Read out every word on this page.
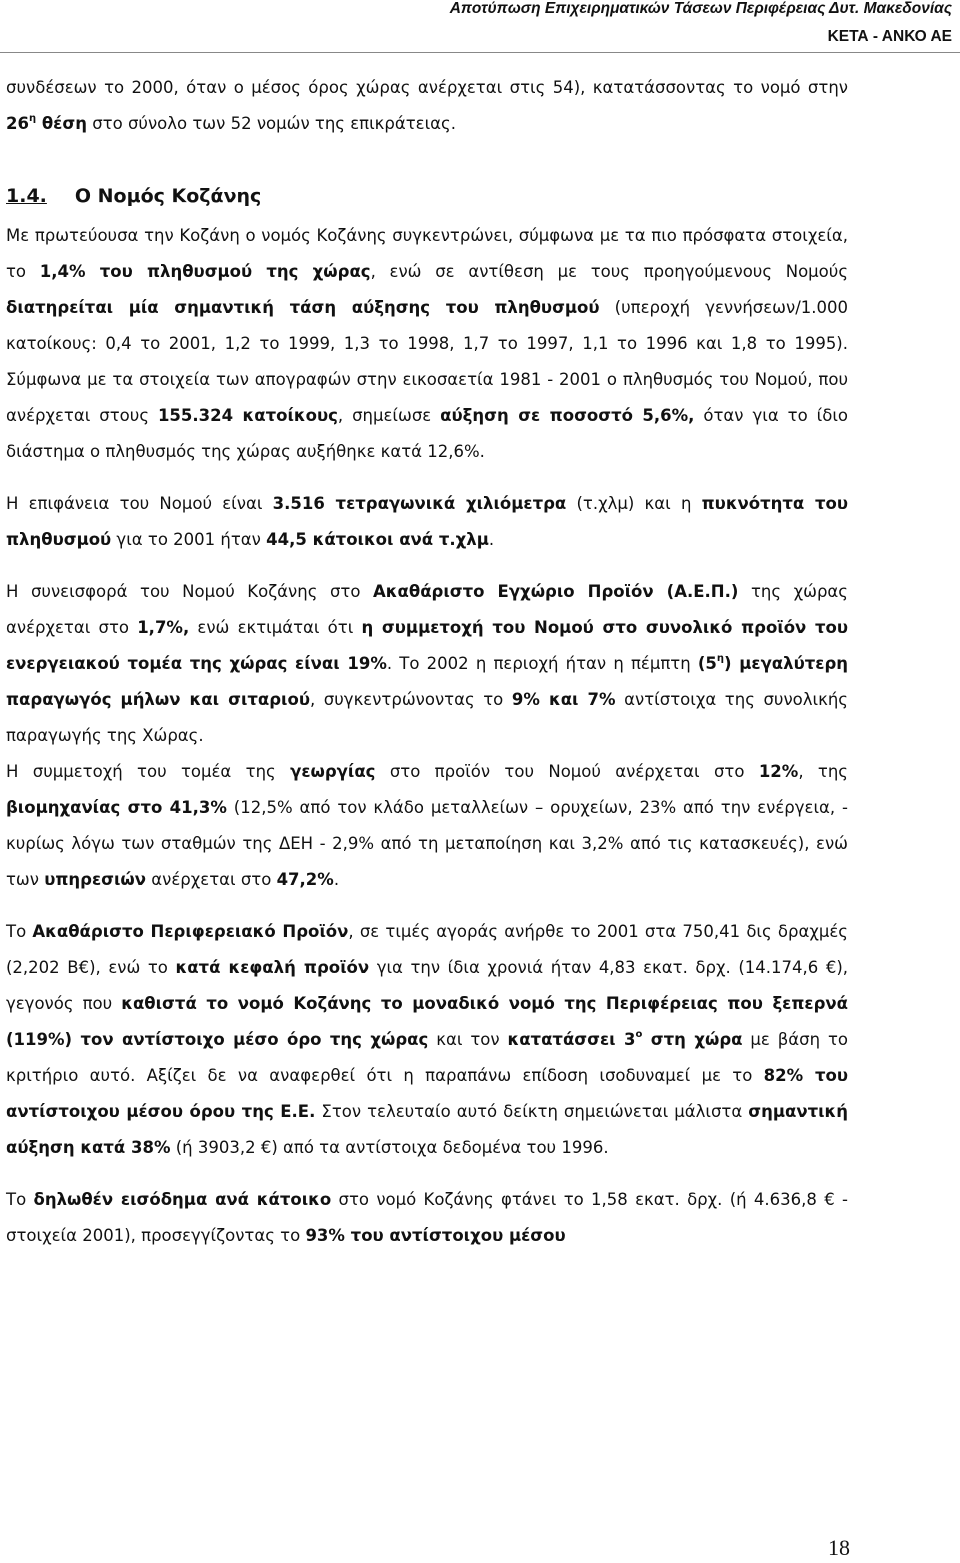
Αποτύπωση Επιχειρηματικών Τάσεων Περιφέρειας Δυτ. Μακεδονίας
ΚΕΤΑ - ΑΝΚΟ ΑΕ

συνδέσεων το 2000, όταν ο μέσος όρος χώρας ανέρχεται στις 54), κατατάσσοντας το νομό στην $26^\eta$ θέση στο σύνολο των 52 νομών της επικράτειας.

1.4. Ο Νομός Κοζάνης

Με πρωτεύουσα την Κοζάνη ο νομός Κοζάνης συγκεντρώνει, σύμφωνα με τα πιο πρόσφατα στοιχεία, το 1,4% του πληθυσμού της χώρας, ενώ σε αντίθεση με τους προηγούμενους Νομούς διατηρείται μία σημαντική τάση αύξησης του πληθυσμού (υπεροχή γεννήσεων/1.000 κατοίκους: 0,4 το 2001, 1,2 το 1999, 1,3 το 1998, 1,7 το 1997, 1,1 το 1996 και 1,8 το 1995). Σύμφωνα με τα στοιχεία των απογραφών στην εικοσαετία 1981 - 2001 ο πληθυσμός του Νομού, που ανέρχεται στους 155.324 κατοίκους, σημείωσε αύξηση σε ποσοστό 5,6%, όταν για το ίδιο διάστημα ο πληθυσμός της χώρας αυξήθηκε κατά 12,6%.

Η επιφάνεια του Νομού είναι 3.516 τετραγωνικά χιλιόμετρα (τ.χλμ) και η πυκνότητα του πληθυσμού για το 2001 ήταν 44,5 κάτοικοι ανά τ.χλμ.

Η συνεισφορά του Νομού Κοζάνης στο Ακαθάριστο Εγχώριο Προϊόν (Α.Ε.Π.) της χώρας ανέρχεται στο 1,7%, ενώ εκτιμάται ότι η συμμετοχή του Νομού στο συνολικό προϊόν του ενεργειακού τομέα της χώρας είναι 19%. Το 2002 η περιοχή ήταν η πέμπτη $(5^\eta)$ μεγαλύτερη παραγωγός μήλων και σιταριού, συγκεντρώνοντας το 9% και 7% αντίστοιχα της συνολικής παραγωγής της Χώρας.

Η συμμετοχή του τομέα της γεωργίας στο προϊόν του Νομού ανέρχεται στο 12%, της βιομηχανίας στο 41,3% (12,5% από τον κλάδο μεταλλείων – ορυχείων, 23% από την ενέργεια, - κυρίως λόγω των σταθμών της ΔΕΗ - 2,9% από τη μεταποίηση και 3,2% από τις κατασκευές), ενώ των υπηρεσιών ανέρχεται στο 47,2%.

Το Ακαθάριστο Περιφερειακό Προϊόν, σε τιμές αγοράς ανήρθε το 2001 στα 750,41 δις δραχμές (2,202 Β€), ενώ το κατά κεφαλή προϊόν για την ίδια χρονιά ήταν 4,83 εκατ. δρχ. (14.174,6 €), γεγονός που καθιστά το νομό Κοζάνης το μοναδικό νομό της Περιφέρειας που ξεπερνά (119%) τον αντίστοιχο μέσο όρο της χώρας και τον κατατάσσει $3^o$ στη χώρα με βάση το κριτήριο αυτό. Αξίζει δε να αναφερθεί ότι η παραπάνω επίδοση ισοδυναμεί με το 82% του αντίστοιχου μέσου όρου της Ε.Ε. Στον τελευταίο αυτό δείκτη σημειώνεται μάλιστα σημαντική αύξηση κατά 38% (ή 3903,2 €) από τα αντίστοιχα δεδομένα του 1996.

Το δηλωθέν εισόδημα ανά κάτοικο στο νομό Κοζάνης φτάνει το 1,58 εκατ. δρχ. (ή 4.636,8 € - στοιχεία 2001), προσεγγίζοντας το 93% του αντίστοιχου μέσου

18
